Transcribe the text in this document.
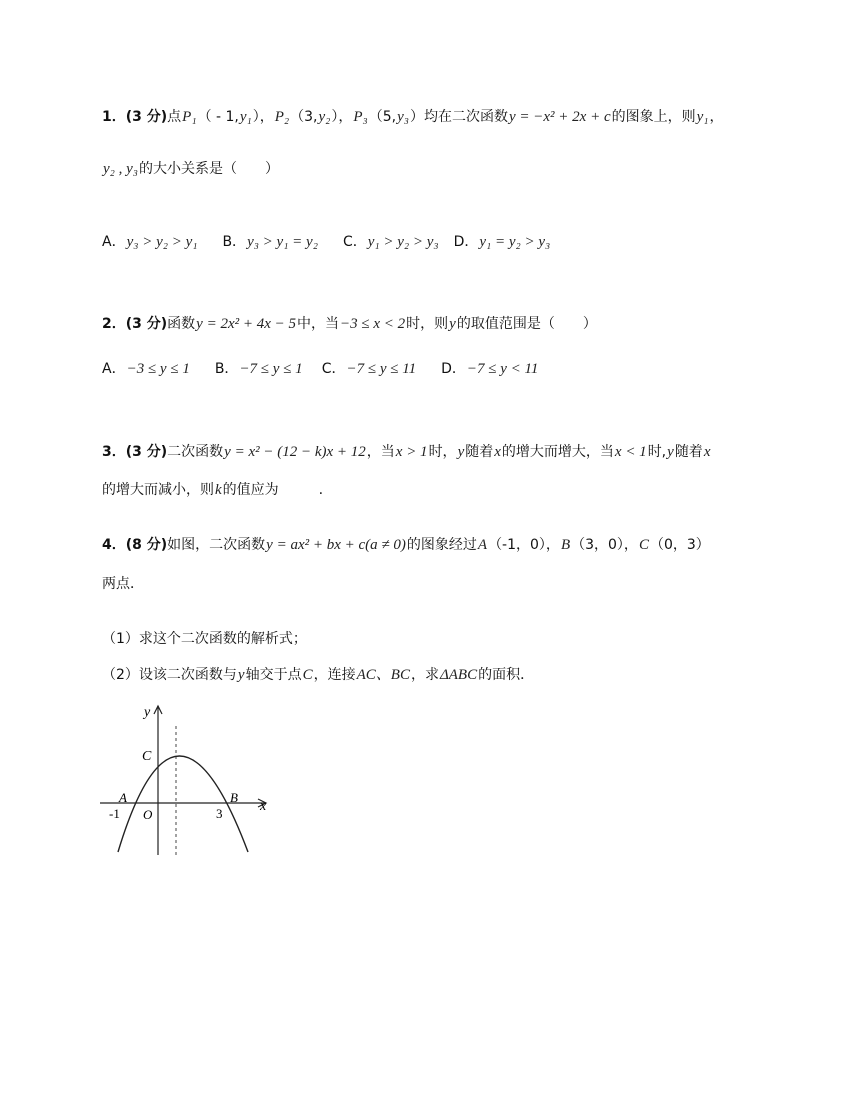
1．(3 分)点P₁（ - 1,y₁），P₂（3,y₂），P₃（5,y₃）均在二次函数y = −x² + 2x + c的图象上，则y₁，
y₂ , y₃的大小关系是（　　）
A．y₃ > y₂ > y₁ B．y₃ > y₁ = y₂ C．y₁ > y₂ > y₃ D．y₁ = y₂ > y₃
2．(3 分)函数y = 2x² + 4x − 5中，当−3 ≤ x < 2时，则y的取值范围是（　　）
A．−3 ≤ y ≤ 1 B．−7 ≤ y ≤ 1 C．−7 ≤ y ≤ 11 D．−7 ≤ y < 11
3．(3 分)二次函数y = x² − (12 − k)x + 12，当x > 1时，y随着x的增大而增大，当x < 1时,y随着x
的增大而减小，则k的值应为	.
4．(8 分)如图，二次函数y = ax² + bx + c(a ≠ 0)的图象经过A（-1，0），B（3，0），C（0，3）
两点．
（1）求这个二次函数的解析式；
（2）设该二次函数与y轴交于点C，连接AC、BC，求ΔABC的面积．
y
x
C
A	B
O
-1	3
